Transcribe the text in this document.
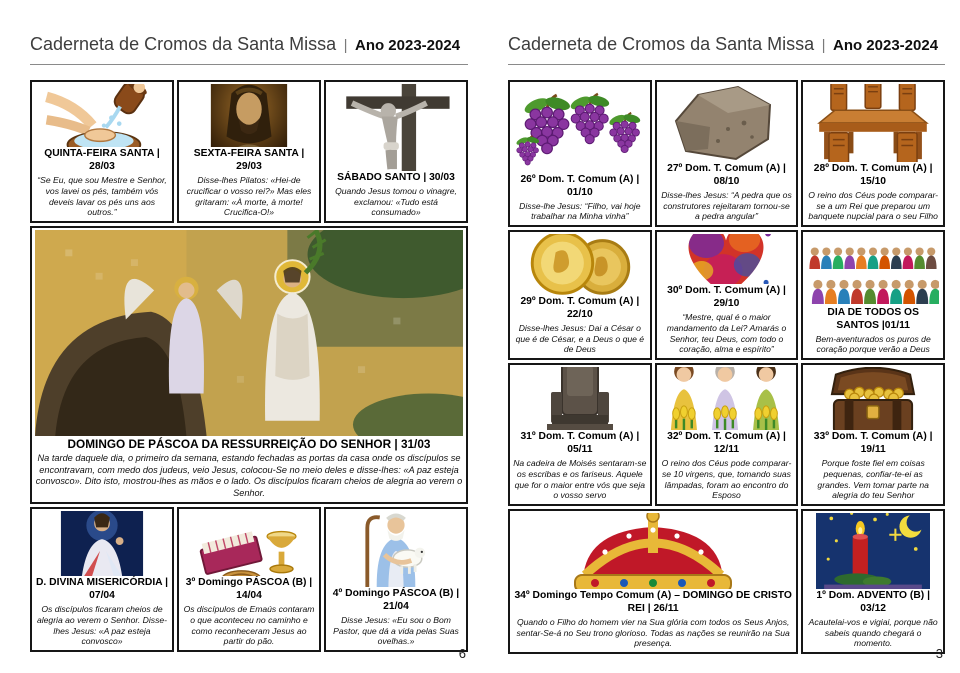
Caderneta de Cromos da Santa Missa | Ano 2023-2024
QUINTA-FEIRA SANTA | 28/03
“Se Eu, que sou Mestre e Senhor, vos lavei os pés, também vós deveis lavar os pés uns aos outros.”
SEXTA-FEIRA SANTA | 29/03
Disse-lhes Pilatos: «Hei-de crucificar o vosso rei?» Mas eles gritaram: «À morte, à morte! Crucifica-O!»
SÁBADO SANTO | 30/03
Quando Jesus tomou o vinagre, exclamou: «Tudo está consumado»
DOMINGO DE PÁSCOA DA RESSURREIÇÃO DO SENHOR | 31/03
Na tarde daquele dia, o primeiro da semana, estando fechadas as portas da casa onde os discípulos se encontravam, com medo dos judeus, veio Jesus, colocou-Se no meio deles e disse-lhes: «A paz esteja convosco». Dito isto, mostrou-lhes as mãos e o lado. Os discípulos ficaram cheios de alegria ao verem o Senhor.
D. DIVINA MISERICÓRDIA | 07/04
Os discípulos ficaram cheios de alegria ao verem o Senhor. Disse-lhes Jesus: «A paz esteja convosco»
3º Domingo PÁSCOA (B) | 14/04
Os discípulos de Emaús contaram o que aconteceu no caminho e como reconheceram Jesus ao partir do pão.
4º Domingo PÁSCOA (B) | 21/04
Disse Jesus: «Eu sou o Bom Pastor, que dá a vida pelas Suas ovelhas.»
6
Caderneta de Cromos da Santa Missa | Ano 2023-2024
26º Dom. T. Comum (A) | 01/10
Disse-lhe Jesus: “Filho, vai hoje trabalhar na Minha vinha”
27º Dom. T. Comum (A) | 08/10
Disse-lhes Jesus: “A pedra que os construtores rejeitaram tornou-se a pedra angular”
28º Dom. T. Comum (A) | 15/10
O reino dos Céus pode comparar-se a um Rei que preparou um banquete nupcial para o seu Filho
29º Dom. T. Comum (A) | 22/10
Disse-lhes Jesus: Dai a César o que é de César, e a Deus o que é de Deus
30º Dom. T. Comum (A) | 29/10
“Mestre, qual é o maior mandamento da Lei? Amarás o Senhor, teu Deus, com todo o coração, alma e espírito”
DIA DE TODOS OS SANTOS |01/11
Bem-aventurados os puros de coração porque verão a Deus
31º Dom. T. Comum (A) | 05/11
Na cadeira de Moisés sentaram-se os escribas e os fariseus. Aquele que for o maior entre vós que seja o vosso servo
32º Dom. T. Comum (A) | 12/11
O reino dos Céus pode comparar-se 10 virgens, que, tomando suas lâmpadas, foram ao encontro do Esposo
33º Dom. T. Comum (A) | 19/11
Porque foste fiel em coisas pequenas, confiar-te-ei as grandes. Vem tomar parte na alegria do teu Senhor
34º Domingo Tempo Comum (A) – DOMINGO DE CRISTO REI | 26/11
Quando o Filho do homem vier na Sua glória com todos os Seus Anjos, sentar-Se-á no Seu trono glorioso. Todas as nações se reunirão na Sua presença.
1º Dom. ADVENTO (B) | 03/12
Acautelai-vos e vigiai, porque não sabeis quando chegará o momento.
3
